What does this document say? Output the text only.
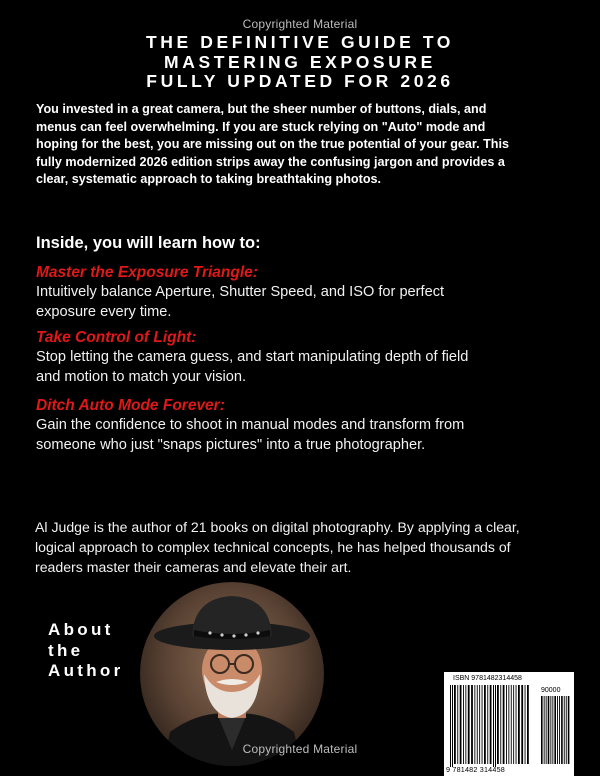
Copyrighted Material
THE DEFINITIVE GUIDE TO
MASTERING EXPOSURE
FULLY UPDATED FOR 2026
You invested in a great camera, but the sheer number of buttons, dials, and
menus can feel overwhelming. If you are stuck relying on "Auto" mode and
hoping for the best, you are missing out on the true potential of your gear. This
fully modernized 2026 edition strips away the confusing jargon and provides a
clear, systematic approach to taking breathtaking photos.
Inside, you will learn how to:
Master the Exposure Triangle:
Intuitively balance Aperture, Shutter Speed, and ISO for perfect
exposure every time.
Take Control of Light:
Stop letting the camera guess, and start manipulating depth of field
and motion to match your vision.
Ditch Auto Mode Forever:
Gain the confidence to shoot in manual modes and transform from
someone who just "snaps pictures" into a true photographer.
Al Judge is the author of 21 books on digital photography. By applying a clear,
logical approach to complex technical concepts, he has helped thousands of
readers master their cameras and elevate their art.
About
the
Author	ISBN 9781482314458
90000
9 781482 314458
Copyrighted Material
